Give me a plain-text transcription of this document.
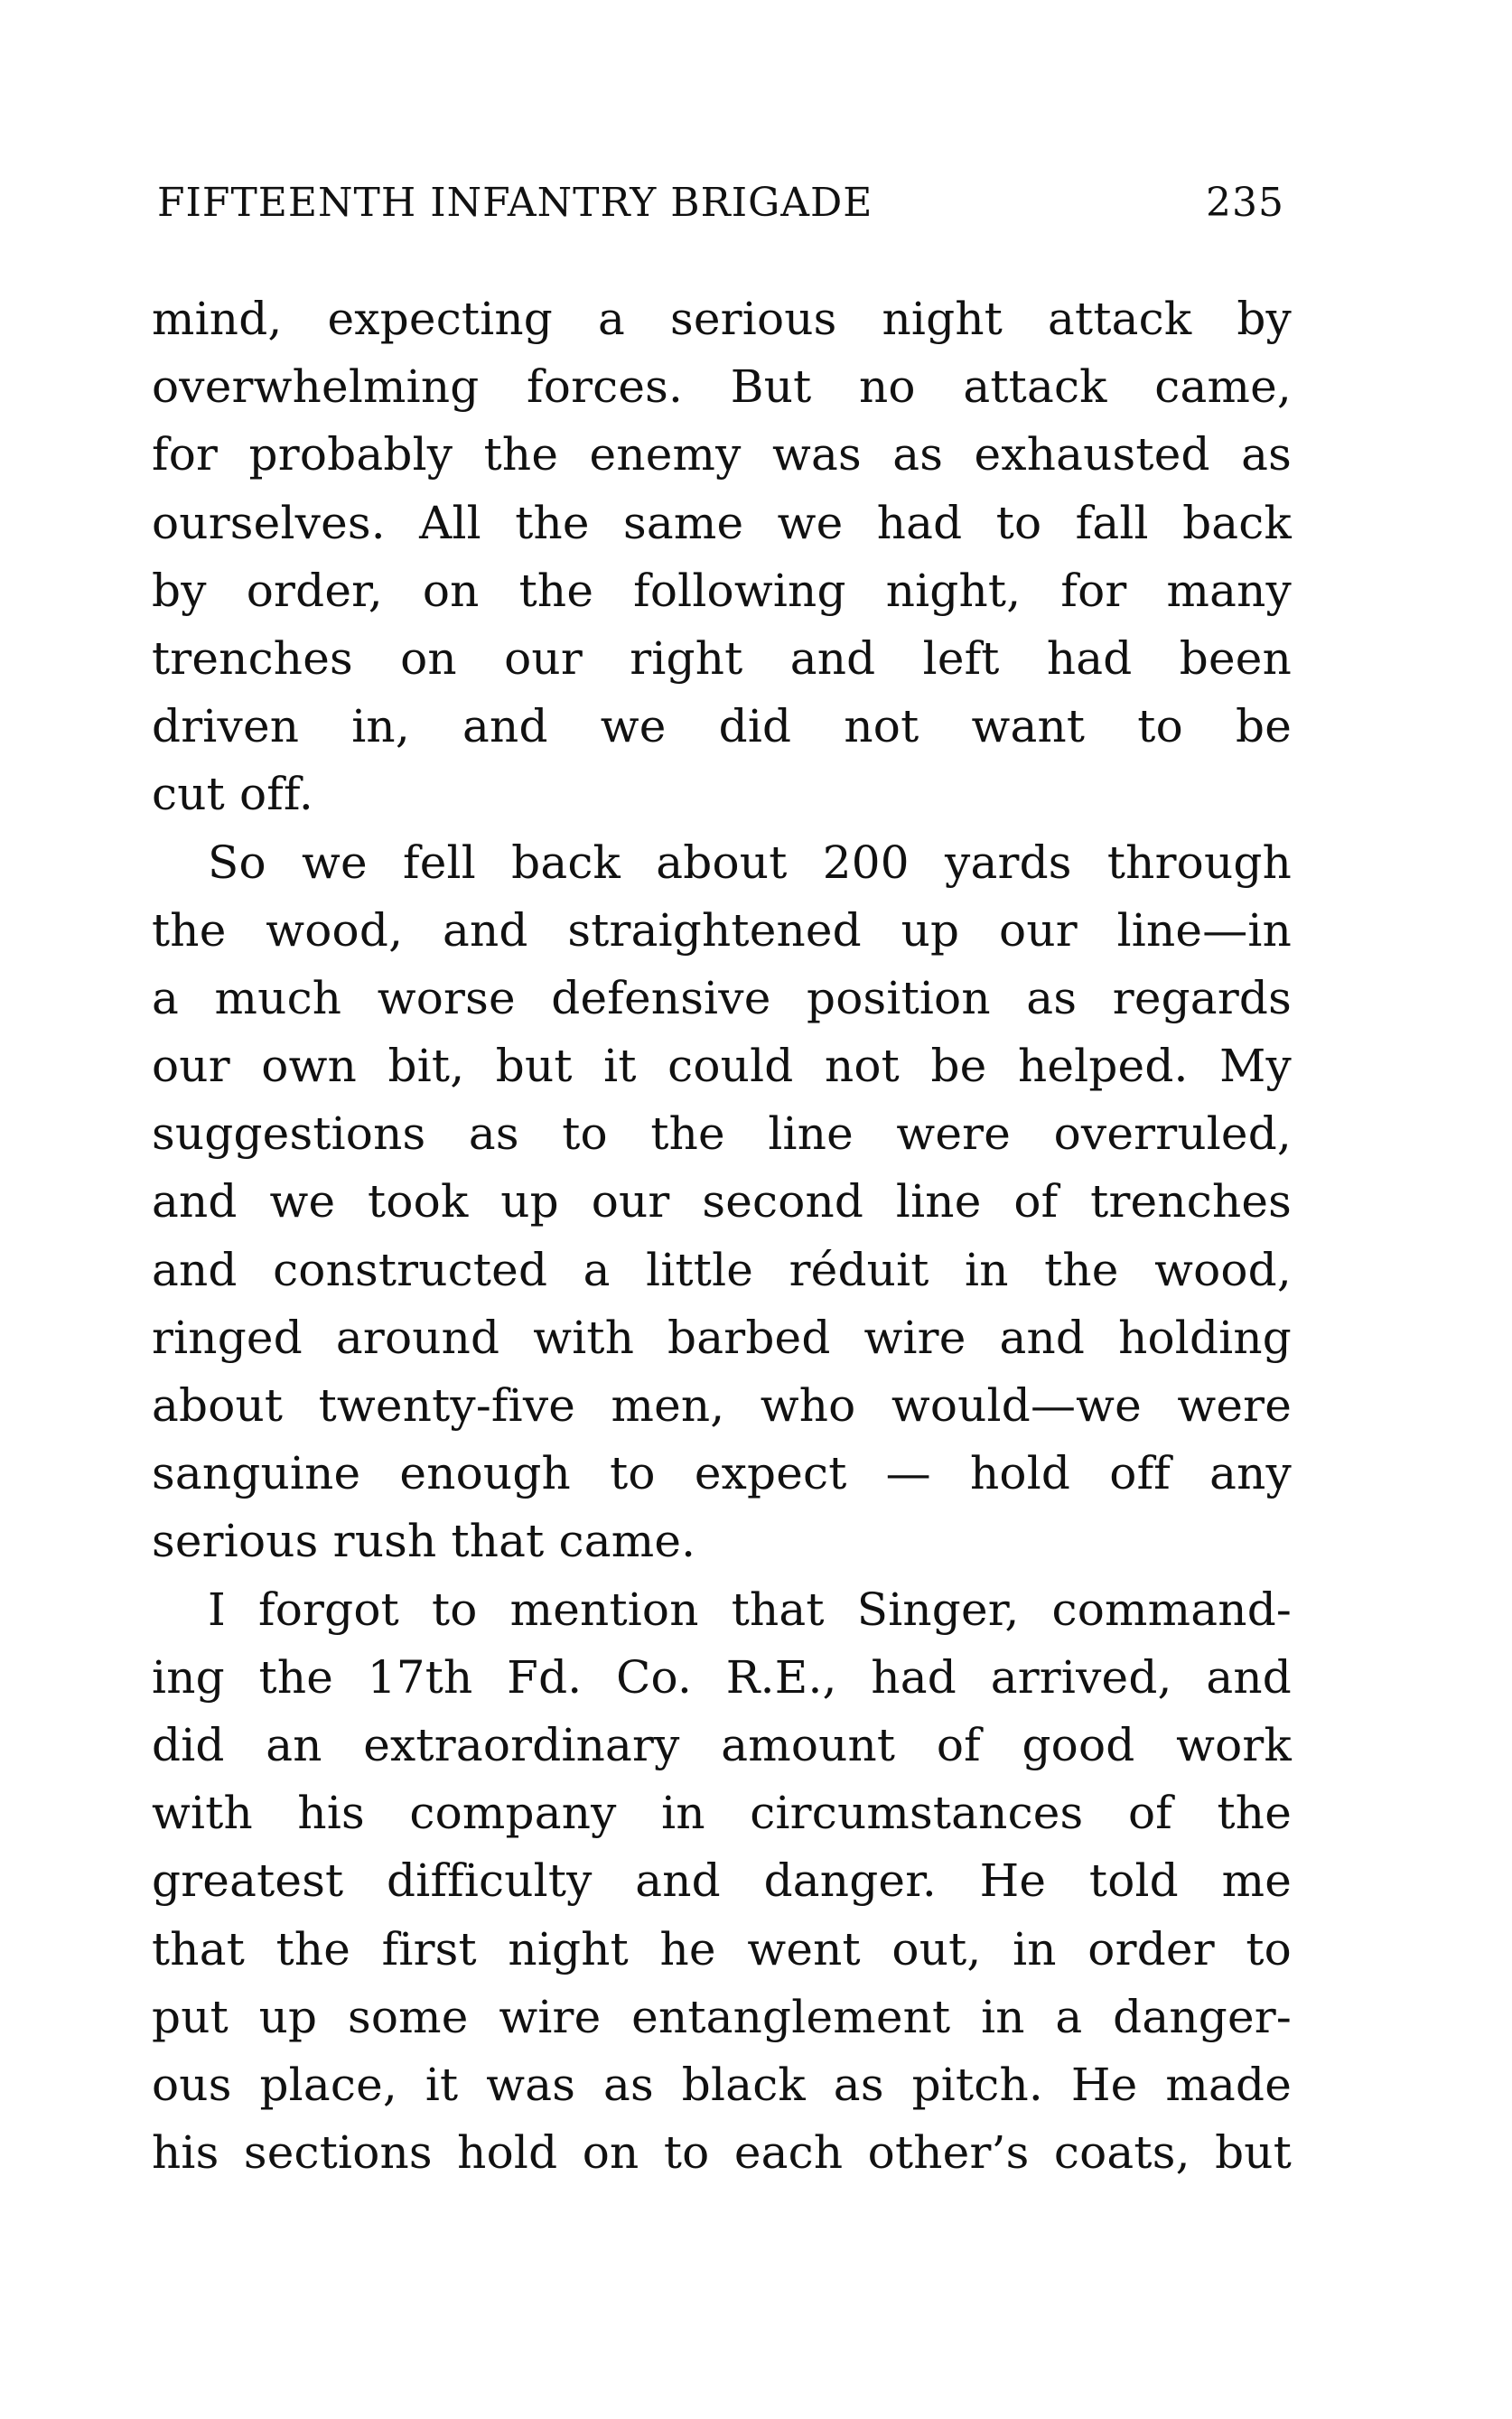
FIFTEENTH INFANTRY BRIGADE	235
mind, expecting a serious night attack by
overwhelming forces. But no attack came,
for probably the enemy was as exhausted as
ourselves. All the same we had to fall back
by order, on the following night, for many
trenches on our right and left had been
driven in, and we did not want to be
cut off.
So we fell back about 200 yards through
the wood, and straightened up our line—in
a much worse defensive position as regards
our own bit, but it could not be helped. My
suggestions as to the line were overruled,
and we took up our second line of trenches
and constructed a little réduit in the wood,
ringed around with barbed wire and holding
about twenty-five men, who would—we were
sanguine enough to expect — hold off any
serious rush that came.
I forgot to mention that Singer, command-
ing the 17th Fd. Co. R.E., had arrived, and
did an extraordinary amount of good work
with his company in circumstances of the
greatest difficulty and danger. He told me
that the first night he went out, in order to
put up some wire entanglement in a danger-
ous place, it was as black as pitch. He made
his sections hold on to each other’s coats, but
